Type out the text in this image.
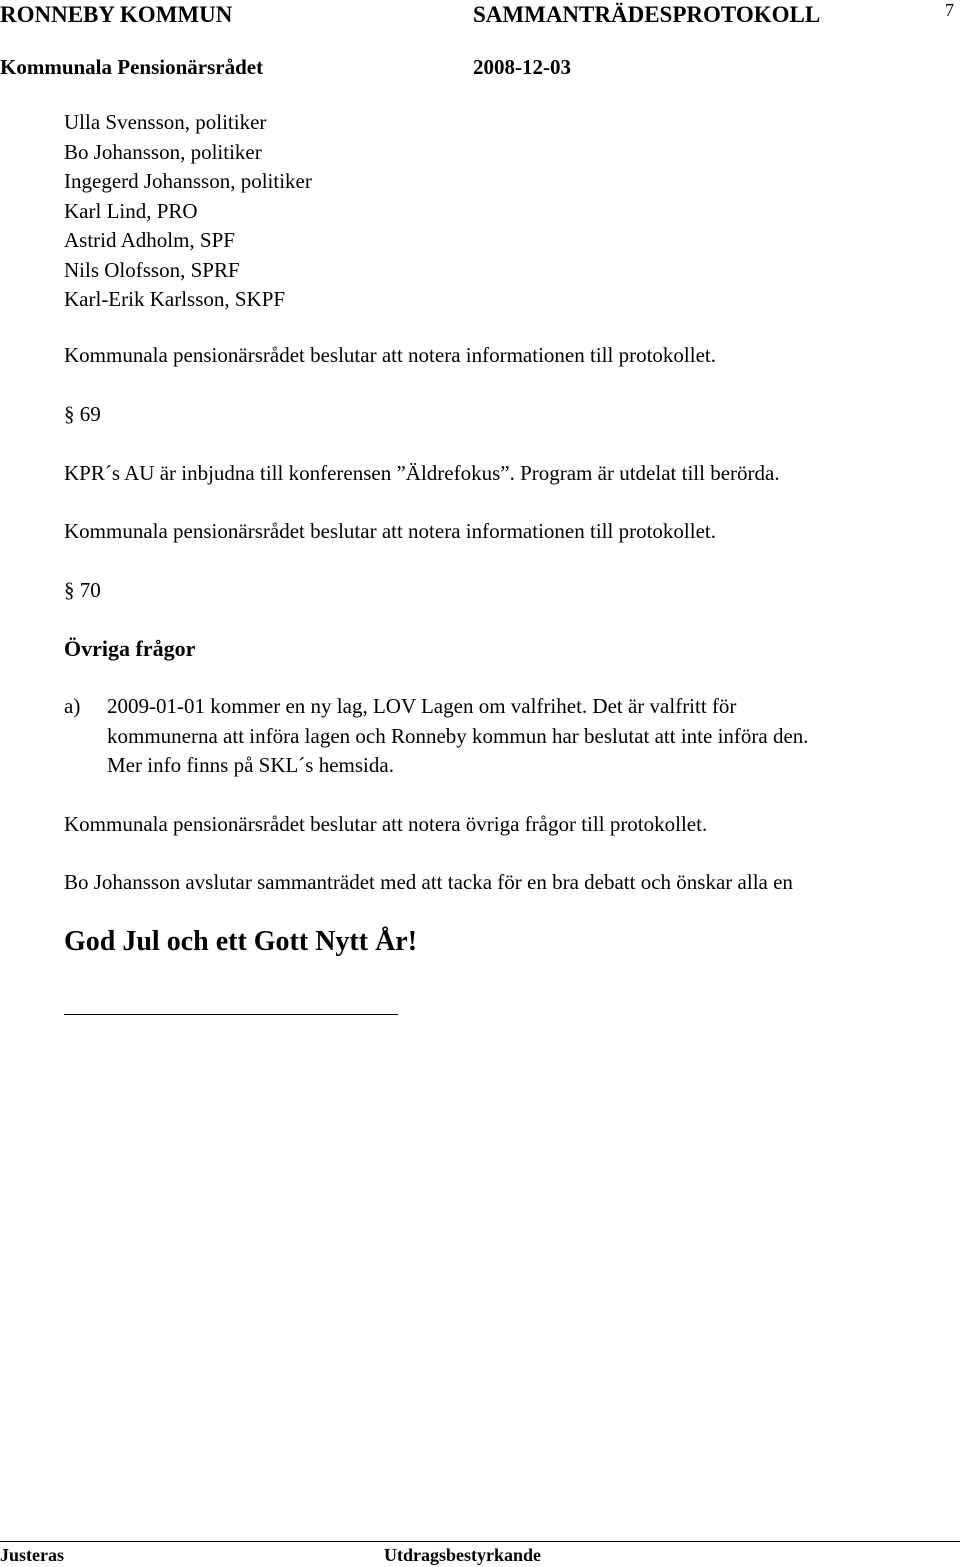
RONNEBY KOMMUN	SAMMANTRÄDESPROTOKOLL	7
Kommunala Pensionärsrådet	2008-12-03
Ulla Svensson, politiker
Bo Johansson, politiker
Ingegerd Johansson, politiker
Karl Lind, PRO
Astrid Adholm, SPF
Nils Olofsson, SPRF
Karl-Erik Karlsson, SKPF
Kommunala pensionärsrådet beslutar att notera informationen till protokollet.
§ 69
KPR´s AU är inbjudna till konferensen ”Äldrefokus”. Program är utdelat till berörda.
Kommunala pensionärsrådet beslutar att notera informationen till protokollet.
§ 70
Övriga frågor
a) 2009-01-01 kommer en ny lag, LOV Lagen om valfrihet. Det är valfritt för
kommunerna att införa lagen och Ronneby kommun har beslutat att inte införa den.
Mer info finns på SKL´s hemsida.
Kommunala pensionärsrådet beslutar att notera övriga frågor till protokollet.
Bo Johansson avslutar sammanträdet med att tacka för en bra debatt och önskar alla en
God Jul och ett Gott Nytt År!
Justeras	Utdragsbestyrkande
